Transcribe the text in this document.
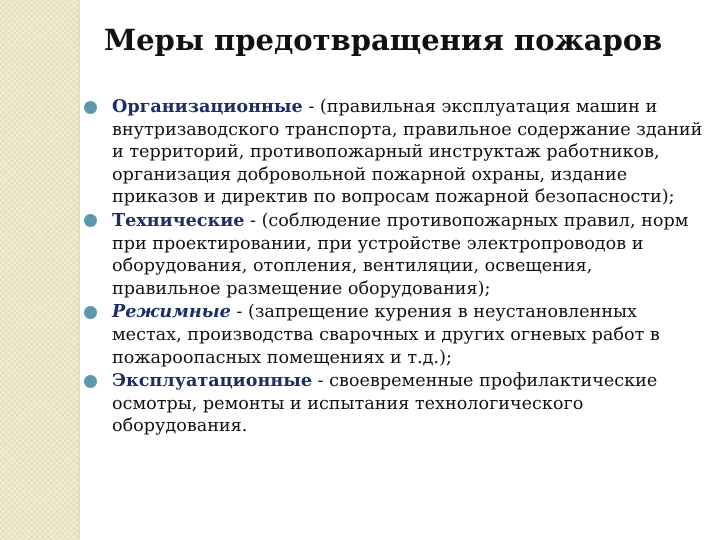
Меры предотвращения пожаров
Организационные - (правильная эксплуатация машин и внутризаводского транспорта, правильное содержание зданий и территорий, противопожарный инструктаж работников, организация добровольной пожарной охраны, издание приказов и директив по вопросам пожарной безопасности);
Технические - (соблюдение противопожарных правил, норм при проектировании, при устройстве электропроводов и оборудования, отопления, вентиляции, освещения, правильное размещение оборудования);
Режимные - (запрещение курения в неустановленных местах, производства сварочных и других огневых работ в пожароопасных помещениях и т.д.);
Эксплуатационные - своевременные профилактические осмотры, ремонты и испытания технологического оборудования.
